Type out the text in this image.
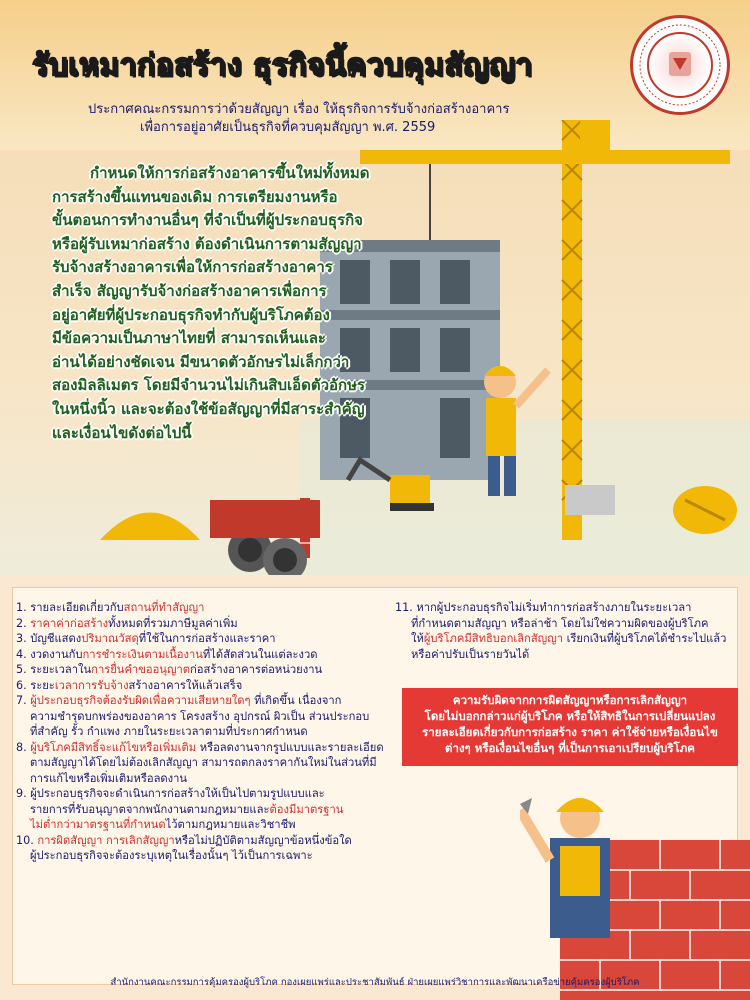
รับเหมาก่อสร้าง ธุรกิจนี้ควบคุมสัญญา
ประกาศคณะกรรมการว่าด้วยสัญญา เรื่อง ให้ธุรกิจการรับจ้างก่อสร้างอาคาร
เพื่อการอยู่อาศัยเป็นธุรกิจที่ควบคุมสัญญา พ.ศ. 2559

กำหนดให้การก่อสร้างอาคารขึ้นใหม่ทั้งหมด

การสร้างขึ้นแทนของเดิม การเตรียมงานหรือ

ขั้นตอนการทำงานอื่นๆ ที่จำเป็นที่ผู้ประกอบธุรกิจ

หรือผู้รับเหมาก่อสร้าง ต้องดำเนินการตามสัญญา

รับจ้างสร้างอาคารเพื่อให้การก่อสร้างอาคาร

สำเร็จ สัญญารับจ้างก่อสร้างอาคารเพื่อการ

อยู่อาศัยที่ผู้ประกอบธุรกิจทำกับผู้บริโภคต้อง

มีข้อความเป็นภาษาไทยที่ สามารถเห็นและ

อ่านได้อย่างชัดเจน มีขนาดตัวอักษรไม่เล็กกว่า

สองมิลลิเมตร โดยมีจำนวนไม่เกินสิบเอ็ดตัวอักษร

ในหนึ่งนิ้ว และจะต้องใช้ข้อสัญญาที่มีสาระสำคัญ

และเงื่อนไขดังต่อไปนี้

1. รายละเอียดเกี่ยวกับสถานที่ทำสัญญา
2. ราคาค่าก่อสร้างทั้งหมดที่รวมภาษีมูลค่าเพิ่ม
3. บัญชีแสดงปริมาณวัสดุที่ใช้ในการก่อสร้างและราคา
4. งวดงานกับการชำระเงินตามเนื้องานที่ได้สัดส่วนในแต่ละงวด
5. ระยะเวลาในการยื่นคำขออนุญาตก่อสร้างอาคารต่อหน่วยงาน
6. ระยะเวลาการรับจ้างสร้างอาคารให้แล้วเสร็จ
7. ผู้ประกอบธุรกิจต้องรับผิดเพื่อความเสียหายใดๆ ที่เกิดขึ้น เนื่องจาก
ความชำรุดบกพร่องของอาคาร โครงสร้าง อุปกรณ์ ผิวเป็น ส่วนประกอบ
ที่สำคัญ รั้ว กำแพง ภายในระยะเวลาตามที่ประกาศกำหนด
8. ผู้บริโภคมีสิทธิ์จะแก้ไขหรือเพิ่มเติม หรือลดงานจากรูปแบบและรายละเอียด
ตามสัญญาได้โดยไม่ต้องเลิกสัญญา สามารถตกลงราคากันใหม่ในส่วนที่มี
การแก้ไขหรือเพิ่มเติมหรือลดงาน
9. ผู้ประกอบธุรกิจจะดำเนินการก่อสร้างให้เป็นไปตามรูปแบบและ
รายการที่รับอนุญาตจากพนักงานตามกฎหมายและต้องมีมาตรฐาน
ไม่ต่ำกว่ามาตรฐานที่กำหนดไว้ตามกฎหมายและวิชาชีพ
10. การผิดสัญญา การเลิกสัญญาหรือไม่ปฏิบัติตามสัญญาข้อหนึ่งข้อใด
ผู้ประกอบธุรกิจจะต้องระบุเหตุในเรื่องนั้นๆ ไว้เป็นการเฉพาะ
11. หากผู้ประกอบธุรกิจไม่เริ่มทำการก่อสร้างภายในระยะเวลา
ที่กำหนดตามสัญญา หรือล่าช้า โดยไม่ใช่ความผิดของผู้บริโภค
ให้ผู้บริโภคมีสิทธิบอกเลิกสัญญา เรียกเงินที่ผู้บริโภคได้ชำระไปแล้ว
หรือค่าปรับเป็นรายวันได้
ความรับผิดจากการผิดสัญญาหรือการเลิกสัญญา
โดยไม่บอกกล่าวแก่ผู้บริโภค หรือให้สิทธิในการเปลี่ยนแปลง
รายละเอียดเกี่ยวกับการก่อสร้าง ราคา ค่าใช้จ่ายหรือเงื่อนไข
ต่างๆ หรือเงื่อนไขอื่นๆ ที่เป็นการเอาเปรียบผู้บริโภค
สำนักงานคณะกรรมการคุ้มครองผู้บริโภค กองเผยแพร่และประชาสัมพันธ์ ฝ่ายเผยแพร่วิชาการและพัฒนาเครือข่ายคุ้มครองผู้บริโภค
